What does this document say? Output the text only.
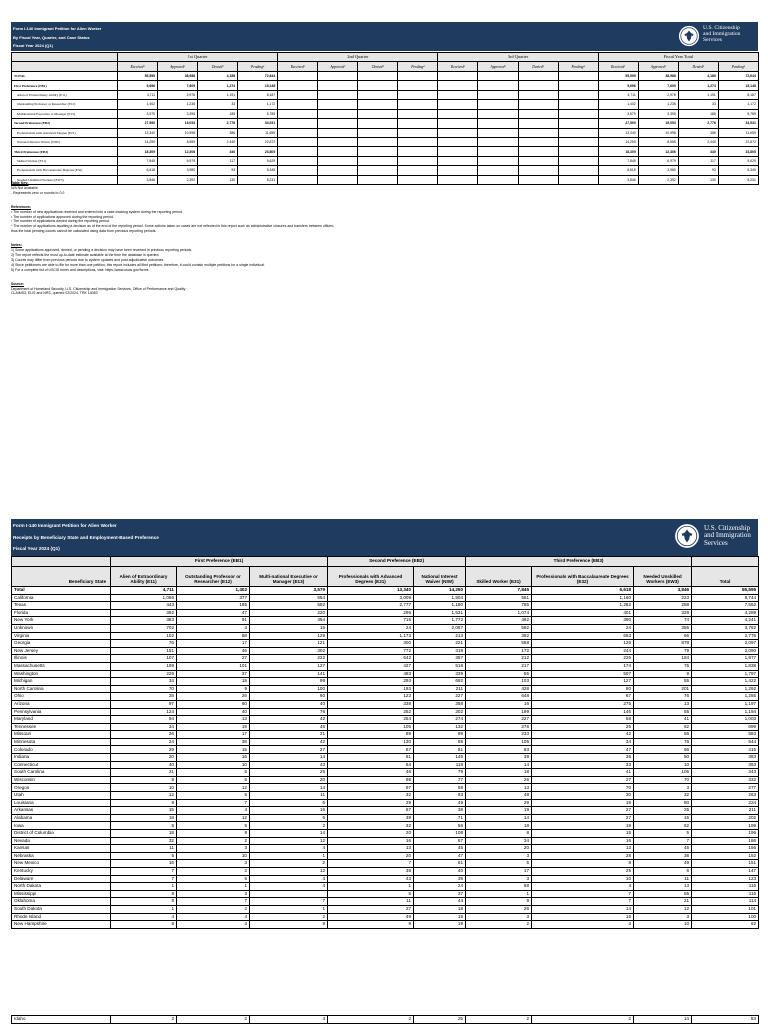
Form I-140 Immigrant Petition for Alien Worker
By Fiscal Year, Quarter, and Case Status
Fiscal Year 2024 (Q1)
U.S. Citizenship
and Immigration
Services
	1st Quarter				2nd Quarter				3rd Quarter				Fiscal Year Total			
	Received¹	Approved²	Denied³	Pending⁴	Received¹	Approved²	Denied³	Pending⁴	Received¹	Approved²	Denied³	Pending⁴	Received¹	Approved²	Denied³	Pending⁴
TOTAL	55,595	38,988	4,189	72,644									55,595	38,988	4,189	72,644
First Preference (EB1)	9,696	7,609	1,274	15,148									9,696	7,609	1,274	15,148
Alien of Extraordinary Ability (E11)	4,711	2,978	1,191	8,187									4,711	2,978	1,191	8,187
Outstanding Professor or Researcher (E12)	1,402	1,236	33	1,172									1,402	1,236	33	1,172
Multinational Executive or Manager (E13)	3,579	3,395	185	5,789									3,579	3,395	185	5,789
Second Preference (EB2)	27,590	19,053	2,776	34,531									27,590	19,053	2,776	34,531
Professionals with Advanced Degree (E21)	13,340	10,998	386	11,659									13,340	10,998	386	11,659
National Interest Waiver (NIW)	14,250	8,555	2,440	22,872									14,250	8,555	2,440	22,872
Third Preference (EB3)	18,309	12,306	340	23,805									18,309	12,306	340	23,805
Skilled Worker (E31)	7,845	6,979	117	9,629									7,845	6,979	117	9,629
Professionals with Baccalaureate Degrees (E32)	6,618	3,980	93	5,345									6,618	3,980	93	5,345
Needed Unskilled Workers (EW3)	3,846	2,392	130	8,231									3,846	2,392	130	8,231
Table Key:
N/A Not available
- Represents zero or rounds to 0.0
References:
¹ The number of new applications received and entered into a case-tracking system during the reporting period.
² The number of applications approved during the reporting period.
³ The number of applications denied during the reporting period.
⁴ The number of applications awaiting a decision as of the end of the reporting period. Some actions taken on cases are not reflected in this report such as administrative closures and transfers between offices;
thus the total pending counts cannot be calculated using data from previous reporting periods.
Notes:
1) Some applications approved, denied, or pending a decision may have been received in previous reporting periods.
2) The report reflects the most up-to-date estimate available at the time the database is queried.
3) Counts may differ from previous periods due to system updates and post adjudicative outcomes.
4) Since petitioners are able to file for more than one petition, this report includes all filed petitions; therefore, it could contain multiple petitions for a single individual.
5) For a complete list of USCIS forms and descriptions, visit: https://www.uscis.gov/forms
Source:
Department of Homeland Security, U.S. Citizenship and Immigration Services, Office of Performance and Quality
CLAIMS3, ELIS and NRS, queried 02/2024, TRK 14083
Form I-140 Immigrant Petition for Alien Worker
Receipts by Beneficiary State and Employment-Based Preference
Fiscal Year 2024 (Q1)
U.S. Citizenship
and Immigration
Services
	First Preference (EB1)			Second Preference (EB2)		Third Preference (EB3)			
Beneficiary State	Alien of Extraordinary Ability (E11)	Outstanding Professor or Researcher (E12)	Multi-national Executive or Manager (E13)	Professionals with Advanced Degrees (E21)	National Interest Waiver (NIW)	Skilled Worker (E31)	Professionals with Baccalaureate Degrees (E32)	Needed Unskilled Workers (EW3)	Total
Total	4,711	1,402	3,579	13,340	14,250	7,845	6,618	3,846	55,595
California	1,066	377	554	3,009	1,804	551	1,160	223	8,744
Texas	443	195	592	2,777	1,190	785	1,282	288	7,552
Florida	392	47	220	295	1,531	1,074	401	329	4,289
New York	383	91	354	715	1,772	462	390	74	4,241
Unknown	702	3	15	24	2,067	592	24	355	3,762
Virginia	102	58	129	1,173	213	382	653	66	2,776
Georgia	76	17	121	300	221	558	126	878	2,097
New Jersey	151	46	302	772	319	172	244	79	2,090
Illinois	107	27	222	642	357	212	226	184	1,977
Massachusetts	199	101	127	427	518	217	174	75	1,838
Washington	226	37	141	483	339	55	507	9	1,797
Michigan	34	19	99	293	692	103	127	55	1,422
North Carolina	70	9	100	193	211	428	80	201	1,292
Ohio	28	26	60	123	227	648	67	76	1,255
Arizona	97	60	40	338	358	16	275	13	1,197
Pennsylvania	124	40	76	252	302	199	146	55	1,194
Maryland	94	13	42	254	274	227	58	41	1,003
Tennessee	34	19	45	105	132	276	26	62	699
Missouri	26	17	21	89	99	233	42	56	583
Minnesota	24	38	42	130	95	105	34	76	544
Colorado	29	15	27	67	81	83	47	66	415
Indiana	20	16	14	61	145	39	36	50	383
Connecticut	40	10	43	84	119	14	33	10	353
South Carolina	21	6	25	46	79	18	41	105	343
Wisconsin	9	5	20	98	77	26	27	70	332
Oregon	10	12	14	97	58	13	70	3	277
Utah	12	5	11	32	93	48	30	32	263
Louisiana	8	7	6	29	49	29	16	80	224
Arkansas	15	4	16	67	38	19	27	25	211
Alabama	18	12	6	39	71	14	27	15	202
Iowa	5	5	2	32	56	18	19	62	199
District of Columbia	18	8	14	20	108	8	15	5	196
Nevada	32	2	12	16	67	34	16	7	186
Kansas	11	3	4	13	45	20	13	45	156
Nebraska	5	10	1	20	47	3	28	38	152
New Mexico	16	3	2	7	61	5	8	49	151
Kentucky	7	2	12	38	40	17	25	6	147
Delaware	7	6	4	43	39	3	10	11	123
North Dakota	1	1	4	1	24	68	4	13	116
Mississippi	8	3		5	37	1	7	55	116
Oklahoma	8	7	7	11	44	9	7	21	114
South Dakota	1	2	1	27	18	26	14	12	101
Rhode Island	4	4	2	49	19	3	16	3	100
New Hampshire	8	3	8	9	19	2	3	10	62
Idaho	2	2	4	2	25	2	2	14	53
